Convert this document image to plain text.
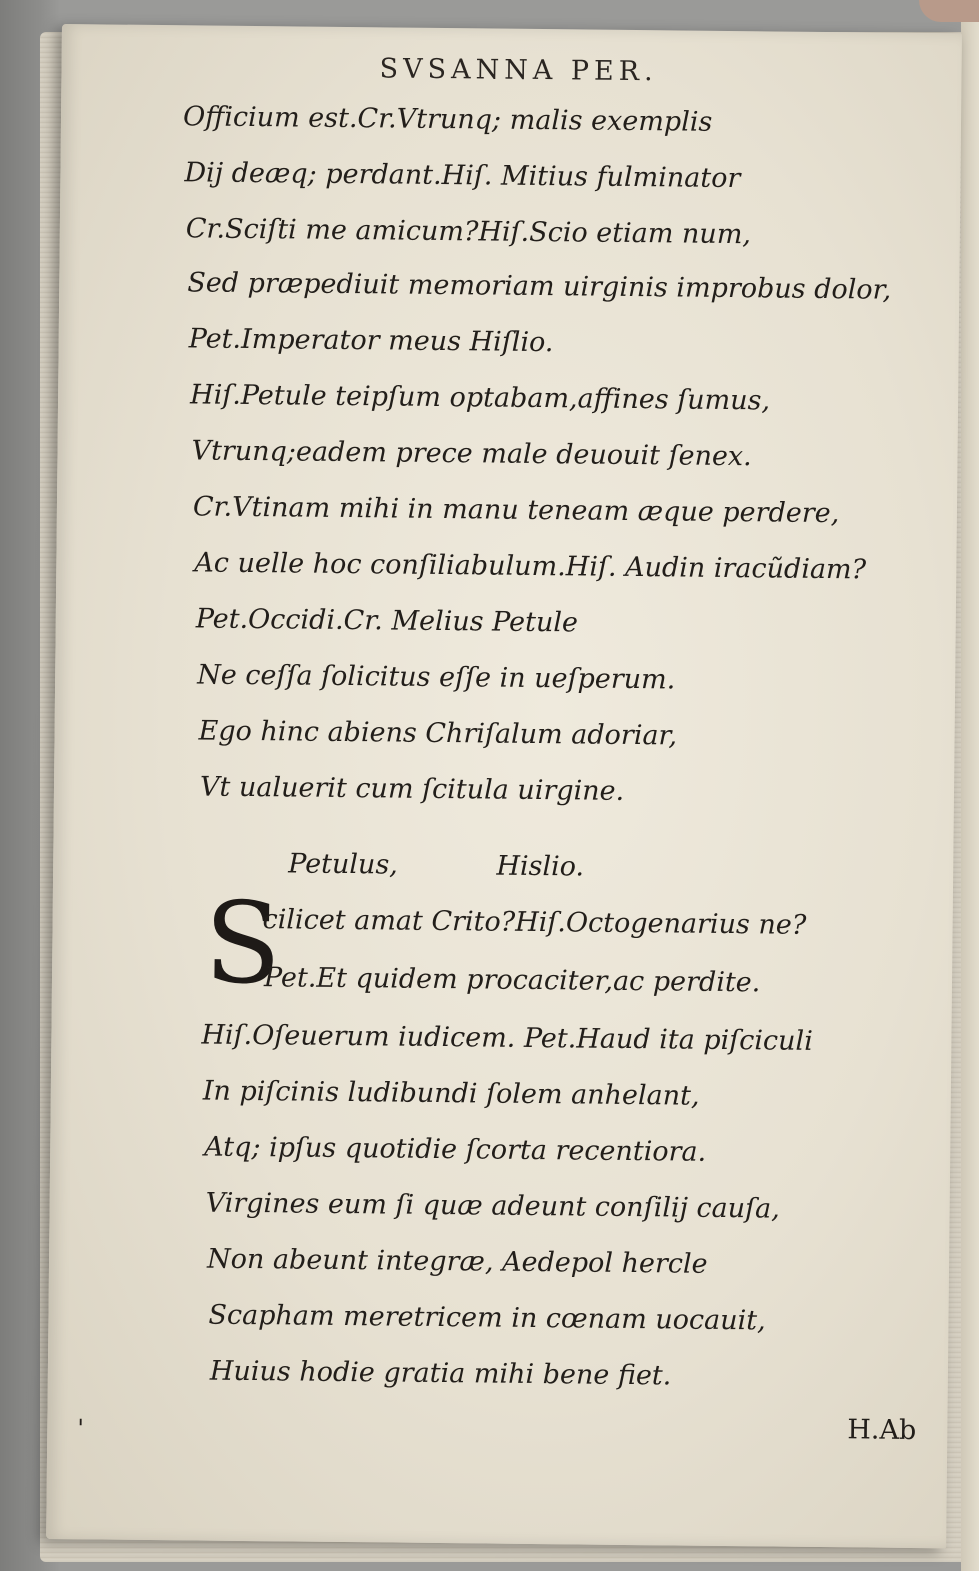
SVSANNA PER.
Officium est.Cr.Vtrunq; malis exemplis
Dij deæq; perdant.Hiſ. Mitius fulminator
Cr.Sciſti me amicum?Hiſ.Scio etiam num,
Sed præpediuit memoriam uirginis improbus dolor,
Pet.Imperator meus Hiſlio.
Hiſ.Petule teipſum optabam,affines ſumus,
Vtrunq;eadem prece male deuouit ſenex.
Cr.Vtinam mihi in manu teneam æque perdere,
Ac uelle hoc conſiliabulum.Hiſ. Audin iracũdiam?
Pet.Occidi.Cr. Melius Petule
Ne ceſſa ſolicitus eſſe in ueſperum.
Ego hinc abiens Chriſalum adoriar,
Vt ualuerit cum ſcitula uirgine.
Petulus,	Hislio.
S
cilicet amat Crito?Hiſ.Octogenarius ne?
Pet.Et quidem procaciter,ac perdite.
Hiſ.Oſeuerum iudicem. Pet.Haud ita piſciculi
In piſcinis ludibundi ſolem anhelant,
Atq; ipſus quotidie ſcorta recentiora.
Virgines eum ſi quæ adeunt conſilij cauſa,
Non abeunt integræ, Aedepol hercle
Scapham meretricem in cœnam uocauit,
Huius hodie gratia mihi bene fiet.
H.Ab
'
